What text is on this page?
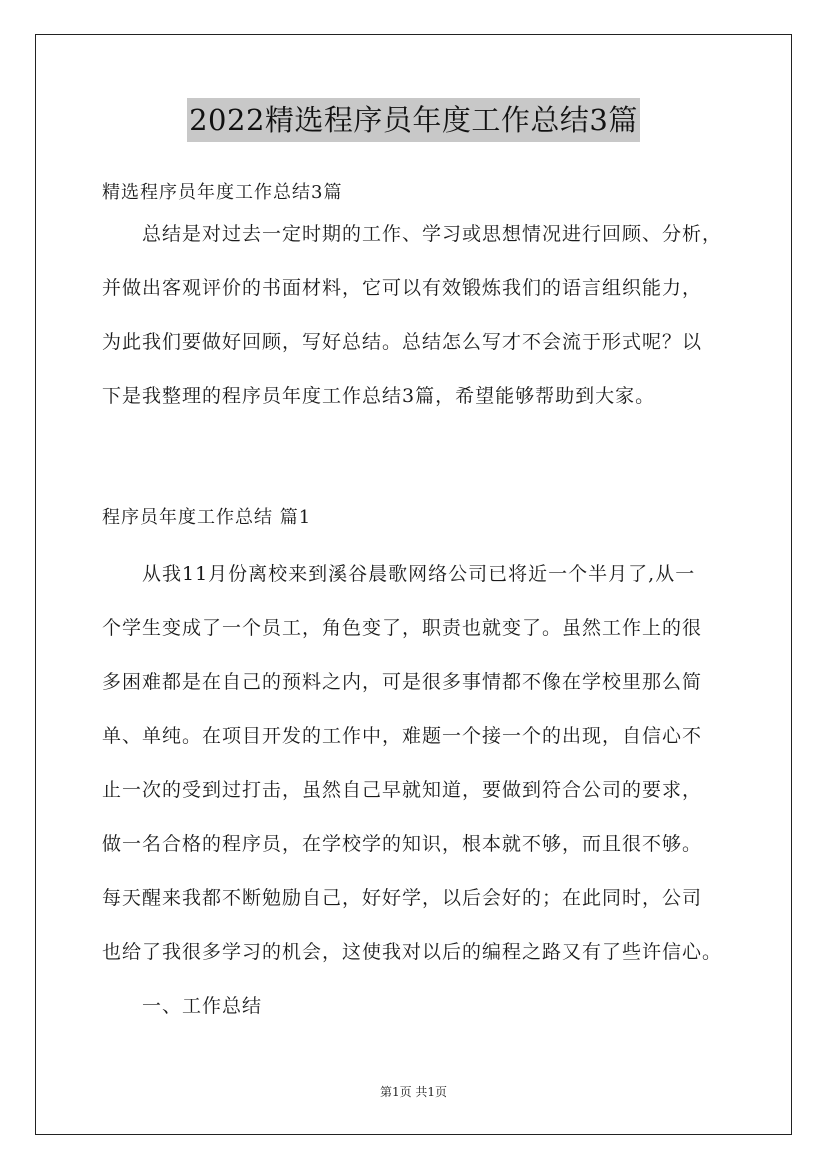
2022精选程序员年度工作总结3篇
精选程序员年度工作总结3篇
总结是对过去一定时期的工作、学习或思想情况进行回顾、分析，
并做出客观评价的书面材料，它可以有效锻炼我们的语言组织能力，
为此我们要做好回顾，写好总结。总结怎么写才不会流于形式呢？以
下是我整理的程序员年度工作总结3篇，希望能够帮助到大家。
程序员年度工作总结 篇1
从我11月份离校来到溪谷晨歌网络公司已将近一个半月了,从一
个学生变成了一个员工，角色变了，职责也就变了。虽然工作上的很
多困难都是在自己的预料之内，可是很多事情都不像在学校里那么简
单、单纯。在项目开发的工作中，难题一个接一个的出现，自信心不
止一次的受到过打击，虽然自己早就知道，要做到符合公司的要求，
做一名合格的程序员，在学校学的知识，根本就不够，而且很不够。
每天醒来我都不断勉励自己，好好学，以后会好的；在此同时，公司
也给了我很多学习的机会，这使我对以后的编程之路又有了些许信心。
一、工作总结
第1页 共1页
